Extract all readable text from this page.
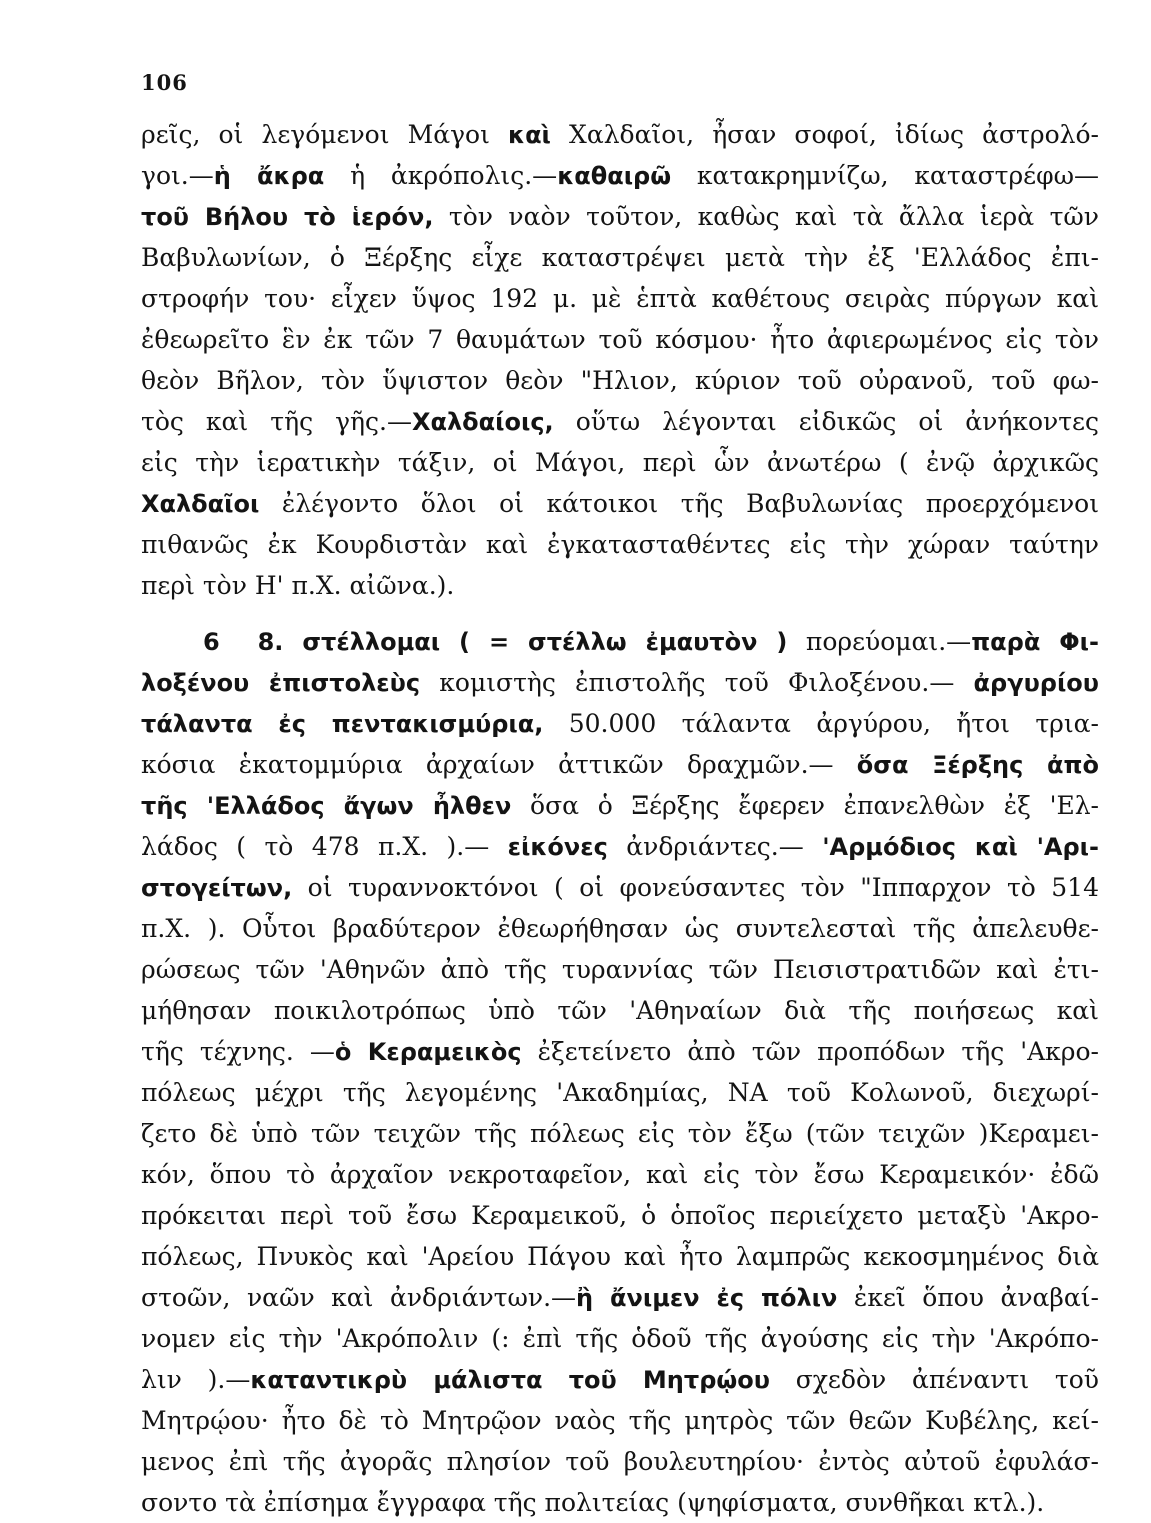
106
ρεῖς, οἱ λεγόμενοι Μάγοι καὶ Χαλδαῖοι, ἦσαν σοφοί, ἰδίως ἀστρολό-
γοι.—ἡ ἄκρα ἡ ἀκρόπολις.—καθαιρῶ κατακρημνίζω, καταστρέφω—
τοῦ Βήλου τὸ ἱερόν, τὸν ναὸν τοῦτον, καθὼς καὶ τὰ ἄλλα ἱερὰ τῶν
Βαβυλωνίων, ὁ Ξέρξης εἶχε καταστρέψει μετὰ τὴν ἐξ 'Ελλάδος ἐπι-
στροφήν του· εἶχεν ὕψος 192 μ. μὲ ἑπτὰ καθέτους σειρὰς πύργων καὶ
ἐθεωρεῖτο ἓν ἐκ τῶν 7 θαυμάτων τοῦ κόσμου· ἦτο ἀφιερωμένος εἰς τὸν
θεὸν Βῆλον, τὸν ὕψιστον θεὸν "Ηλιον, κύριον τοῦ οὐρανοῦ, τοῦ φω-
τὸς καὶ τῆς γῆς.—Χαλδαίοις, οὕτω λέγονται εἰδικῶς οἱ ἀνήκοντες
εἰς τὴν ἱερατικὴν τάξιν, οἱ Μάγοι, περὶ ὧν ἀνωτέρω ( ἐνῷ ἀρχικῶς
Χαλδαῖοι ἐλέγοντο ὅλοι οἱ κάτοικοι τῆς Βαβυλωνίας προερχόμενοι
πιθανῶς ἐκ Κουρδιστὰν καὶ ἐγκατασταθέντες εἰς τὴν χώραν ταύτην
περὶ τὸν Η' π.Χ. αἰῶνα.).
6  8. στέλλομαι ( = στέλλω ἐμαυτὸν ) πορεύομαι.—παρὰ Φι-
λοξένου ἐπιστολεὺς κομιστὴς ἐπιστολῆς τοῦ Φιλοξένου.— ἀργυρίου
τάλαντα ἐς πεντακισμύρια, 50.000 τάλαντα ἀργύρου, ἤτοι τρια-
κόσια ἑκατομμύρια ἀρχαίων ἀττικῶν δραχμῶν.— ὅσα Ξέρξης ἀπὸ
τῆς 'Ελλάδος ἄγων ἦλθεν ὅσα ὁ Ξέρξης ἔφερεν ἐπανελθὼν ἐξ 'Ελ-
λάδος ( τὸ 478 π.Χ. ).— εἰκόνες ἀνδριάντες.— 'Αρμόδιος καὶ 'Αρι-
στογείτων, οἱ τυραννοκτόνοι ( οἱ φονεύσαντες τὸν "Ιππαρχον τὸ 514
π.Χ. ). Οὗτοι βραδύτερον ἐθεωρήθησαν ὡς συντελεσταὶ τῆς ἀπελευθε-
ρώσεως τῶν 'Αθηνῶν ἀπὸ τῆς τυραννίας τῶν Πεισιστρατιδῶν καὶ ἐτι-
μήθησαν ποικιλοτρόπως ὑπὸ τῶν 'Αθηναίων διὰ τῆς ποιήσεως καὶ
τῆς τέχνης. —ὁ Κεραμεικὸς ἐξετείνετο ἀπὸ τῶν προπόδων τῆς 'Ακρο-
πόλεως μέχρι τῆς λεγομένης 'Ακαδημίας, ΝΑ τοῦ Κολωνοῦ, διεχωρί-
ζετο δὲ ὑπὸ τῶν τειχῶν τῆς πόλεως εἰς τὸν ἔξω (τῶν τειχῶν )Κεραμει-
κόν, ὅπου τὸ ἀρχαῖον νεκροταφεῖον, καὶ εἰς τὸν ἔσω Κεραμεικόν· ἐδῶ
πρόκειται περὶ τοῦ ἔσω Κεραμεικοῦ, ὁ ὁποῖος περιείχετο μεταξὺ 'Ακρο-
πόλεως, Πνυκὸς καὶ 'Αρείου Πάγου καὶ ἦτο λαμπρῶς κεκοσμημένος διὰ
στοῶν, ναῶν καὶ ἀνδριάντων.—ἢ ἄνιμεν ἐς πόλιν ἐκεῖ ὅπου ἀναβαί-
νομεν εἰς τὴν 'Ακρόπολιν (: ἐπὶ τῆς ὁδοῦ τῆς ἀγούσης εἰς τὴν 'Ακρόπο-
λιν ).—καταντικρὺ μάλιστα τοῦ Μητρῴου σχεδὸν ἀπέναντι τοῦ
Μητρῴου· ἦτο δὲ τὸ Μητρῷον ναὸς τῆς μητρὸς τῶν θεῶν Κυβέλης, κεί-
μενος ἐπὶ τῆς ἀγορᾶς πλησίον τοῦ βουλευτηρίου· ἐντὸς αὐτοῦ ἐφυλάσ-
σοντο τὰ ἐπίσημα ἔγγραφα τῆς πολιτείας (ψηφίσματα, συνθῆκαι κτλ.).
